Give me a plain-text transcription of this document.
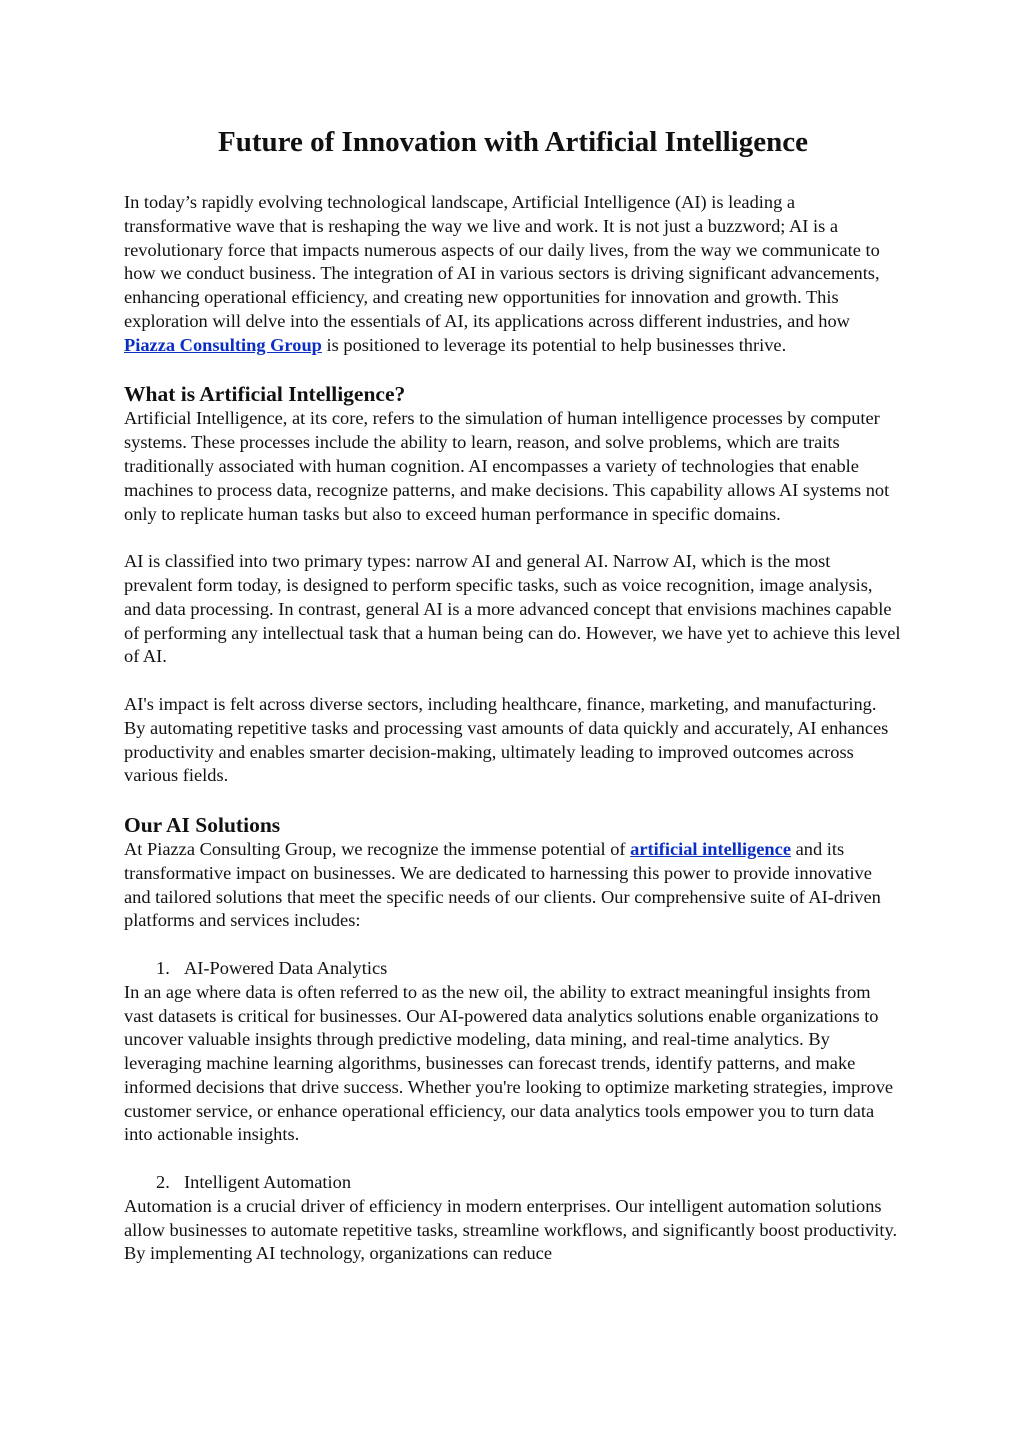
Future of Innovation with Artificial Intelligence

In today’s rapidly evolving technological landscape, Artificial Intelligence (AI) is leading a transformative wave that is reshaping the way we live and work. It is not just a buzzword; AI is a revolutionary force that impacts numerous aspects of our daily lives, from the way we communicate to how we conduct business. The integration of AI in various sectors is driving significant advancements, enhancing operational efficiency, and creating new opportunities for innovation and growth. This exploration will delve into the essentials of AI, its applications across different industries, and how Piazza Consulting Group is positioned to leverage its potential to help businesses thrive.

What is Artificial Intelligence?

Artificial Intelligence, at its core, refers to the simulation of human intelligence processes by computer systems. These processes include the ability to learn, reason, and solve problems, which are traits traditionally associated with human cognition. AI encompasses a variety of technologies that enable machines to process data, recognize patterns, and make decisions. This capability allows AI systems not only to replicate human tasks but also to exceed human performance in specific domains.

AI is classified into two primary types: narrow AI and general AI. Narrow AI, which is the most prevalent form today, is designed to perform specific tasks, such as voice recognition, image analysis, and data processing. In contrast, general AI is a more advanced concept that envisions machines capable of performing any intellectual task that a human being can do. However, we have yet to achieve this level of AI.

AI's impact is felt across diverse sectors, including healthcare, finance, marketing, and manufacturing. By automating repetitive tasks and processing vast amounts of data quickly and accurately, AI enhances productivity and enables smarter decision-making, ultimately leading to improved outcomes across various fields.

Our AI Solutions

At Piazza Consulting Group, we recognize the immense potential of artificial intelligence and its transformative impact on businesses. We are dedicated to harnessing this power to provide innovative and tailored solutions that meet the specific needs of our clients. Our comprehensive suite of AI-driven platforms and services includes:

1. AI-Powered Data Analytics

In an age where data is often referred to as the new oil, the ability to extract meaningful insights from vast datasets is critical for businesses. Our AI-powered data analytics solutions enable organizations to uncover valuable insights through predictive modeling, data mining, and real-time analytics. By leveraging machine learning algorithms, businesses can forecast trends, identify patterns, and make informed decisions that drive success. Whether you're looking to optimize marketing strategies, improve customer service, or enhance operational efficiency, our data analytics tools empower you to turn data into actionable insights.

2. Intelligent Automation

Automation is a crucial driver of efficiency in modern enterprises. Our intelligent automation solutions allow businesses to automate repetitive tasks, streamline workflows, and significantly boost productivity. By implementing AI technology, organizations can reduce
